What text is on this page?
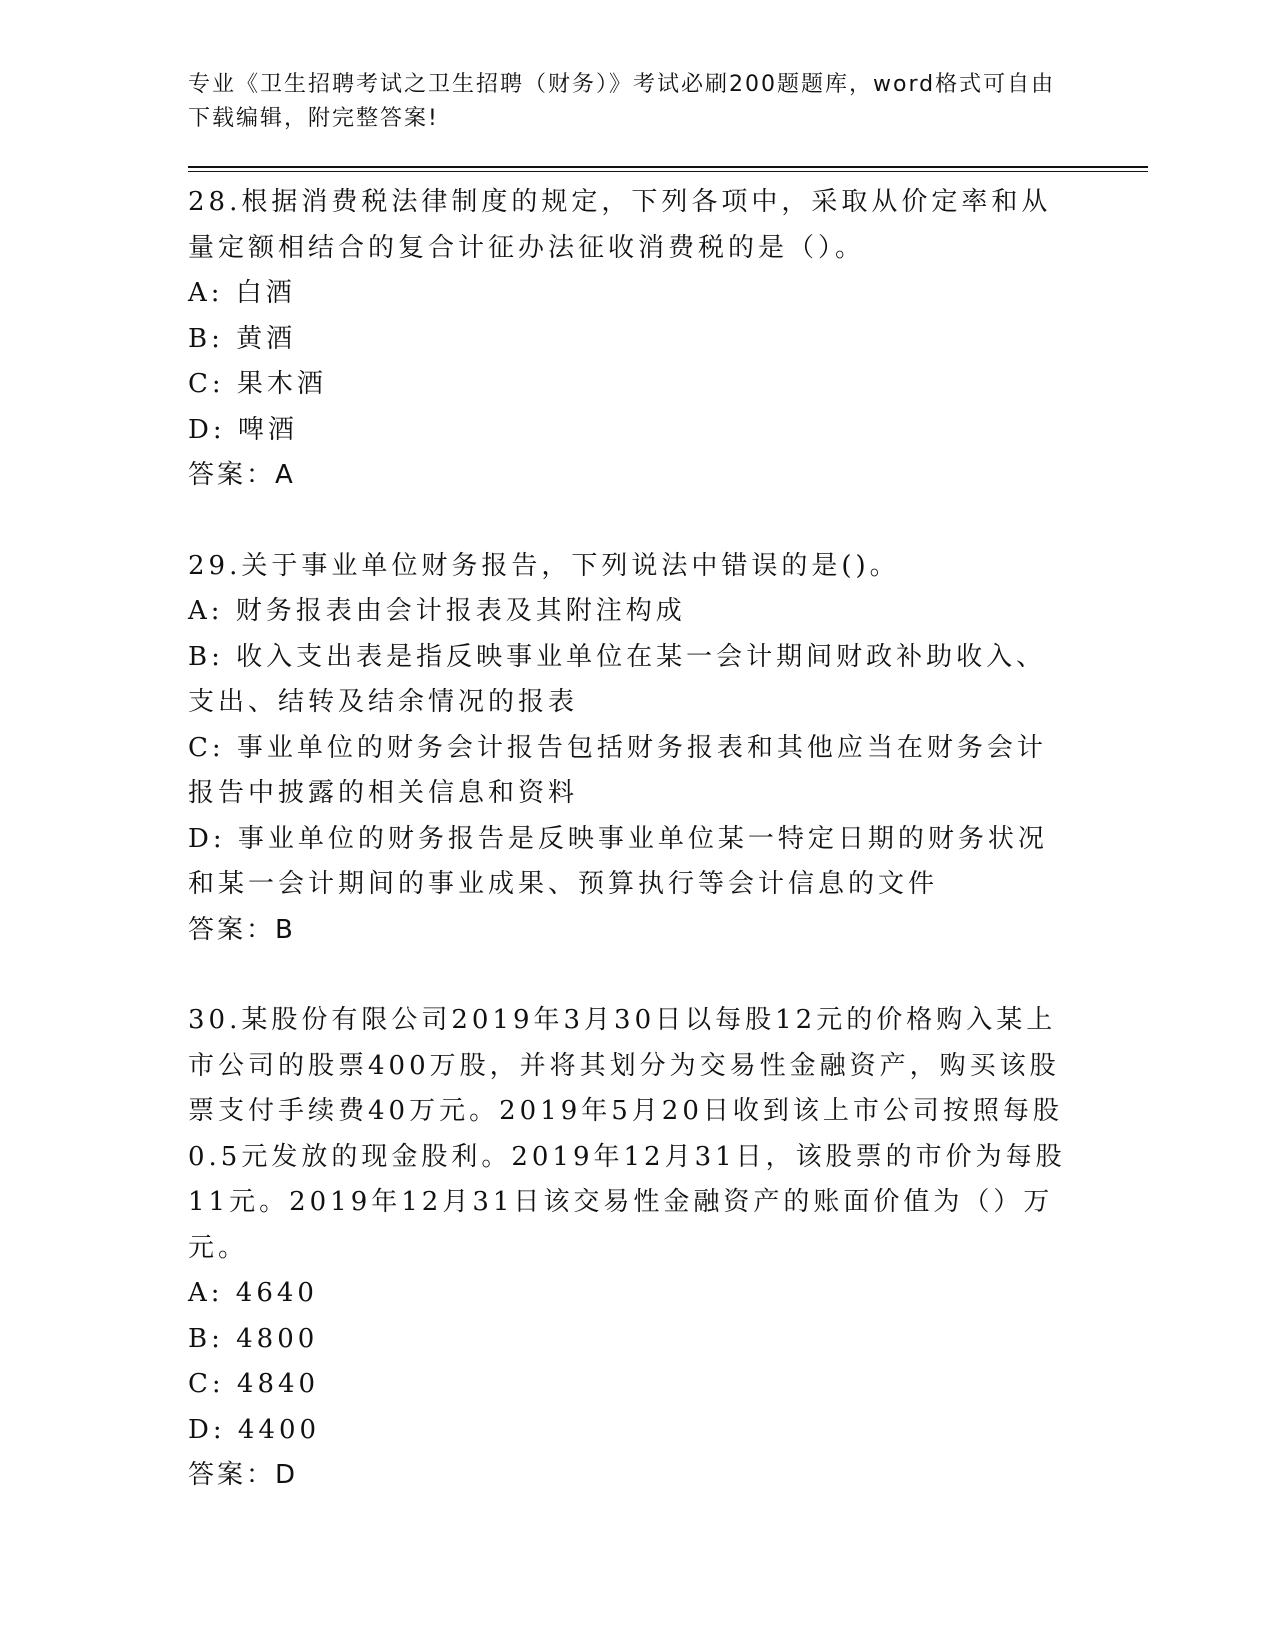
专业《卫生招聘考试之卫生招聘（财务）》考试必刷200题题库，word格式可自由下载编辑，附完整答案!

28.根据消费税法律制度的规定，下列各项中，采取从价定率和从量定额相结合的复合计征办法征收消费税的是（）。

A: 白酒

B: 黄酒

C: 果木酒

D: 啤酒

答案：A

29.关于事业单位财务报告，下列说法中错误的是()。

A: 财务报表由会计报表及其附注构成

B: 收入支出表是指反映事业单位在某一会计期间财政补助收入、支出、结转及结余情况的报表

C: 事业单位的财务会计报告包括财务报表和其他应当在财务会计报告中披露的相关信息和资料

D: 事业单位的财务报告是反映事业单位某一特定日期的财务状况和某一会计期间的事业成果、预算执行等会计信息的文件

答案：B

30.某股份有限公司2019年3月30日以每股12元的价格购入某上市公司的股票400万股，并将其划分为交易性金融资产，购买该股票支付手续费40万元。2019年5月20日收到该上市公司按照每股0.5元发放的现金股利。2019年12月31日，该股票的市价为每股11元。2019年12月31日该交易性金融资产的账面价值为（）万元。

A: 4640

B: 4800

C: 4840

D: 4400

答案：D
